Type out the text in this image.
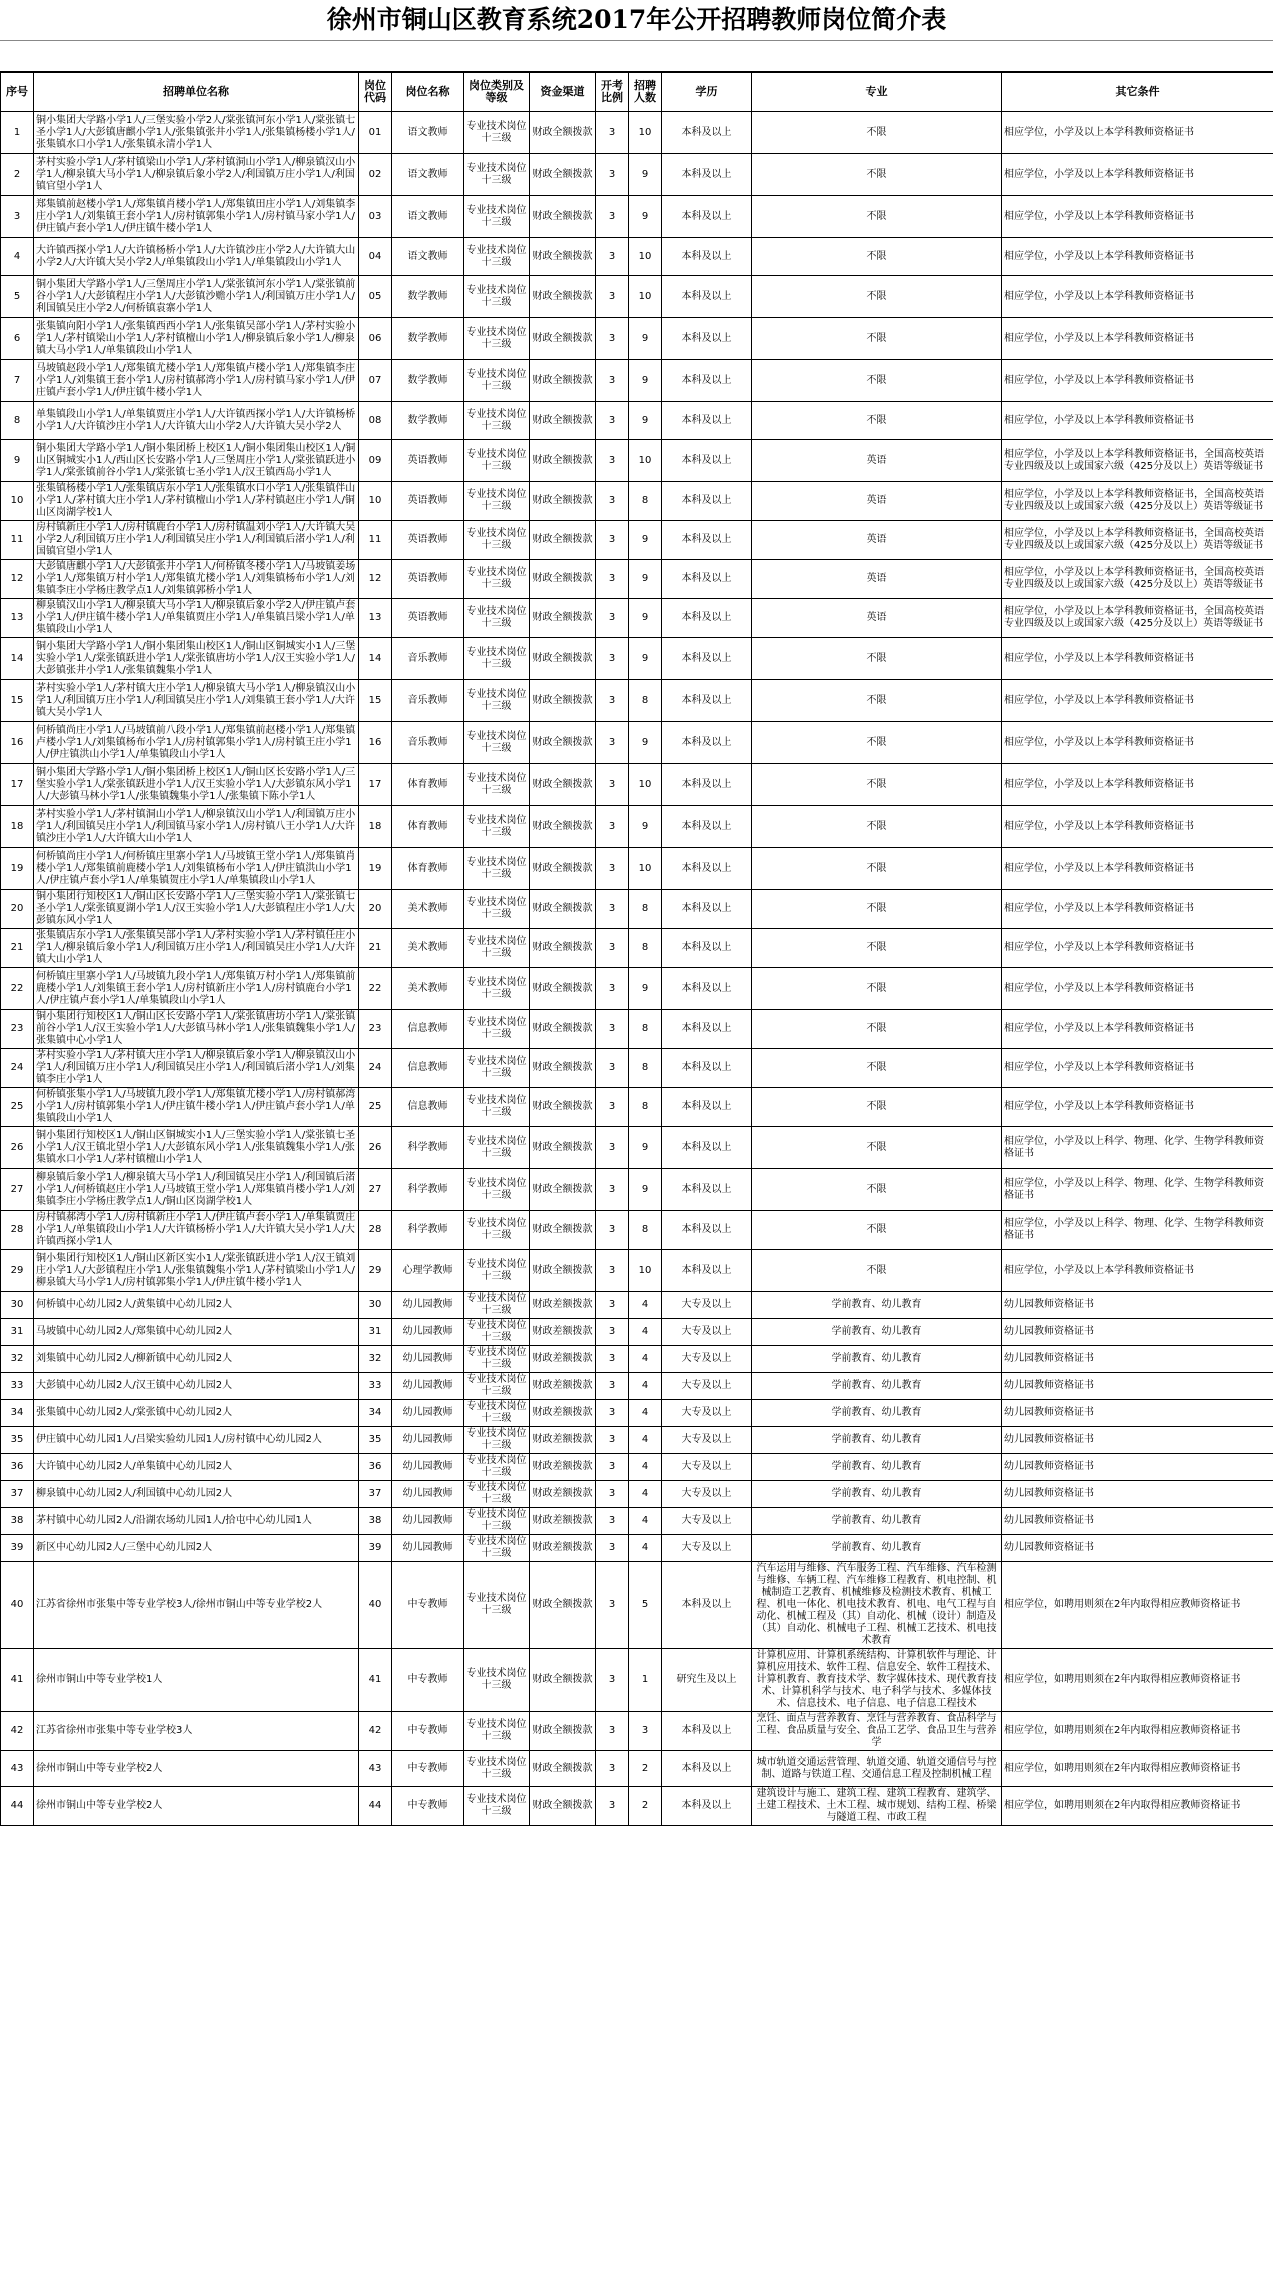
徐州市铜山区教育系统2017年公开招聘教师岗位简介表
序号	招聘单位名称	岗位代码	岗位名称	岗位类别及等级	资金渠道	开考比例	招聘人数	学历	专业	其它条件
1	铜小集团大学路小学1人/三堡实验小学2人/棠张镇河东小学1人/棠张镇七圣小学1人/大彭镇唐麒小学1人/张集镇张井小学1人/张集镇杨楼小学1人/张集镇水口小学1人/张集镇永清小学1人	01	语文教师	专业技术岗位十三级	财政全额拨款	3	10	本科及以上	不限	相应学位，小学及以上本学科教师资格证书
2	茅村实验小学1人/茅村镇梁山小学1人/茅村镇洞山小学1人/柳泉镇汉山小学1人/柳泉镇大马小学1人/柳泉镇后象小学2人/利国镇万庄小学1人/利国镇官望小学1人	02	语文教师	专业技术岗位十三级	财政全额拨款	3	9	本科及以上	不限	相应学位，小学及以上本学科教师资格证书
3	郑集镇前赵楼小学1人/郑集镇肖楼小学1人/郑集镇田庄小学1人/刘集镇李庄小学1人/刘集镇王套小学1人/房村镇郭集小学1人/房村镇马家小学1人/伊庄镇卢套小学1人/伊庄镇牛楼小学1人	03	语文教师	专业技术岗位十三级	财政全额拨款	3	9	本科及以上	不限	相应学位，小学及以上本学科教师资格证书
4	大许镇西探小学1人/大许镇杨桥小学1人/大许镇沙庄小学2人/大许镇大山小学2人/大许镇大吴小学2人/单集镇段山小学1人/单集镇段山小学1人	04	语文教师	专业技术岗位十三级	财政全额拨款	3	10	本科及以上	不限	相应学位，小学及以上本学科教师资格证书
5	铜小集团大学路小学1人/三堡周庄小学1人/棠张镇河东小学1人/棠张镇前谷小学1人/大彭镇程庄小学1人/大彭镇沙赡小学1人/利国镇万庄小学1人/利国镇吴庄小学2人/何桥镇袁寨小学1人	05	数学教师	专业技术岗位十三级	财政全额拨款	3	10	本科及以上	不限	相应学位，小学及以上本学科教师资格证书
6	张集镇向阳小学1人/张集镇西西小学1人/张集镇吴部小学1人/茅村实验小学1人/茅村镇梁山小学1人/茅村镇檀山小学1人/柳泉镇后象小学1人/柳泉镇大马小学1人/单集镇段山小学1人	06	数学教师	专业技术岗位十三级	财政全额拨款	3	9	本科及以上	不限	相应学位，小学及以上本学科教师资格证书
7	马坡镇赵段小学1人/郑集镇尤楼小学1人/郑集镇卢楼小学1人/郑集镇李庄小学1人/刘集镇王套小学1人/房村镇郝湾小学1人/房村镇马家小学1人/伊庄镇卢套小学1人/伊庄镇牛楼小学1人	07	数学教师	专业技术岗位十三级	财政全额拨款	3	9	本科及以上	不限	相应学位，小学及以上本学科教师资格证书
8	单集镇段山小学1人/单集镇贾庄小学1人/大许镇西探小学1人/大许镇杨桥小学1人/大许镇沙庄小学1人/大许镇大山小学2人/大许镇大吴小学2人	08	数学教师	专业技术岗位十三级	财政全额拨款	3	9	本科及以上	不限	相应学位，小学及以上本学科教师资格证书
9	铜小集团大学路小学1人/铜小集团桥上校区1人/铜小集团集山校区1人/铜山区铜城实小1人/西山区长安路小学1人/三堡周庄小学1人/棠张镇跃进小学1人/棠张镇前谷小学1人/棠张镇七圣小学1人/汉王镇西岛小学1人	09	英语教师	专业技术岗位十三级	财政全额拨款	3	10	本科及以上	英语	相应学位，小学及以上本学科教师资格证书，全国高校英语专业四级及以上或国家六级（425分及以上）英语等级证书
10	张集镇杨楼小学1人/张集镇店东小学1人/张集镇水口小学1人/张集镇伴山小学1人/茅村镇大庄小学1人/茅村镇檀山小学1人/茅村镇赵庄小学1人/铜山区岗湖学校1人	10	英语教师	专业技术岗位十三级	财政全额拨款	3	8	本科及以上	英语	相应学位，小学及以上本学科教师资格证书，全国高校英语专业四级及以上或国家六级（425分及以上）英语等级证书
11	房村镇新庄小学1人/房村镇鹿台小学1人/房村镇温刘小学1人/大许镇大吴小学2人/利国镇万庄小学1人/利国镇吴庄小学1人/利国镇后渚小学1人/利国镇官望小学1人	11	英语教师	专业技术岗位十三级	财政全额拨款	3	9	本科及以上	英语	相应学位，小学及以上本学科教师资格证书，全国高校英语专业四级及以上或国家六级（425分及以上）英语等级证书
12	大彭镇唐麒小学1人/大彭镇张井小学1人/何桥镇冬楼小学1人/马坡镇姜场小学1人/郑集镇万村小学1人/郑集镇尤楼小学1人/刘集镇杨布小学1人/刘集镇李庄小学杨庄教学点1人/刘集镇郭桥小学1人	12	英语教师	专业技术岗位十三级	财政全额拨款	3	9	本科及以上	英语	相应学位，小学及以上本学科教师资格证书，全国高校英语专业四级及以上或国家六级（425分及以上）英语等级证书
13	柳泉镇汉山小学1人/柳泉镇大马小学1人/柳泉镇后象小学2人/伊庄镇卢套小学1人/伊庄镇牛楼小学1人/单集镇贾庄小学1人/单集镇吕梁小学1人/单集镇段山小学1人	13	英语教师	专业技术岗位十三级	财政全额拨款	3	9	本科及以上	英语	相应学位，小学及以上本学科教师资格证书，全国高校英语专业四级及以上或国家六级（425分及以上）英语等级证书
14	铜小集团大学路小学1人/铜小集团集山校区1人/铜山区铜城实小1人/三堡实验小学1人/棠张镇跃进小学1人/棠张镇唐坊小学1人/汉王实验小学1人/大彭镇张井小学1人/张集镇魏集小学1人	14	音乐教师	专业技术岗位十三级	财政全额拨款	3	9	本科及以上	不限	相应学位，小学及以上本学科教师资格证书
15	茅村实验小学1人/茅村镇大庄小学1人/柳泉镇大马小学1人/柳泉镇汉山小学1人/利国镇万庄小学1人/利国镇吴庄小学1人/刘集镇王套小学1人/大许镇大吴小学1人	15	音乐教师	专业技术岗位十三级	财政全额拨款	3	8	本科及以上	不限	相应学位，小学及以上本学科教师资格证书
16	何桥镇尚庄小学1人/马坡镇前八段小学1人/郑集镇前赵楼小学1人/郑集镇卢楼小学1人/刘集镇杨布小学1人/房村镇郭集小学1人/房村镇王庄小学1人/伊庄镇洪山小学1人/单集镇段山小学1人	16	音乐教师	专业技术岗位十三级	财政全额拨款	3	9	本科及以上	不限	相应学位，小学及以上本学科教师资格证书
17	铜小集团大学路小学1人/铜小集团桥上校区1人/铜山区长安路小学1人/三堡实验小学1人/棠张镇跃进小学1人/汉王实验小学1人/大彭镇东风小学1人/大彭镇马林小学1人/张集镇魏集小学1人/张集镇下陈小学1人	17	体育教师	专业技术岗位十三级	财政全额拨款	3	10	本科及以上	不限	相应学位，小学及以上本学科教师资格证书
18	茅村实验小学1人/茅村镇洞山小学1人/柳泉镇汉山小学1人/利国镇万庄小学1人/利国镇吴庄小学1人/利国镇马家小学1人/房村镇八王小学1人/大许镇沙庄小学1人/大许镇大山小学1人	18	体育教师	专业技术岗位十三级	财政全额拨款	3	9	本科及以上	不限	相应学位，小学及以上本学科教师资格证书
19	何桥镇尚庄小学1人/何桥镇庄里寨小学1人/马坡镇王堂小学1人/郑集镇肖楼小学1人/郑集镇前鹿楼小学1人/刘集镇杨布小学1人/伊庄镇洪山小学1人/伊庄镇卢套小学1人/单集镇贺庄小学1人/单集镇段山小学1人	19	体育教师	专业技术岗位十三级	财政全额拨款	3	10	本科及以上	不限	相应学位，小学及以上本学科教师资格证书
20	铜小集团行知校区1人/铜山区长安路小学1人/三堡实验小学1人/棠张镇七圣小学1人/棠张镇夏湖小学1人/汉王实验小学1人/大彭镇程庄小学1人/大彭镇东风小学1人	20	美术教师	专业技术岗位十三级	财政全额拨款	3	8	本科及以上	不限	相应学位，小学及以上本学科教师资格证书
21	张集镇店东小学1人/张集镇吴部小学1人/茅村实验小学1人/茅村镇任庄小学1人/柳泉镇后象小学1人/利国镇万庄小学1人/利国镇吴庄小学1人/大许镇大山小学1人	21	美术教师	专业技术岗位十三级	财政全额拨款	3	8	本科及以上	不限	相应学位，小学及以上本学科教师资格证书
22	何桥镇庄里寨小学1人/马坡镇九段小学1人/郑集镇万村小学1人/郑集镇前鹿楼小学1人/刘集镇王套小学1人/房村镇新庄小学1人/房村镇鹿台小学1人/伊庄镇卢套小学1人/单集镇段山小学1人	22	美术教师	专业技术岗位十三级	财政全额拨款	3	9	本科及以上	不限	相应学位，小学及以上本学科教师资格证书
23	铜小集团行知校区1人/铜山区长安路小学1人/棠张镇唐坊小学1人/棠张镇前谷小学1人/汉王实验小学1人/大彭镇马林小学1人/张集镇魏集小学1人/张集镇中心小学1人	23	信息教师	专业技术岗位十三级	财政全额拨款	3	8	本科及以上	不限	相应学位，小学及以上本学科教师资格证书
24	茅村实验小学1人/茅村镇大庄小学1人/柳泉镇后象小学1人/柳泉镇汉山小学1人/利国镇万庄小学1人/利国镇吴庄小学1人/利国镇后渚小学1人/刘集镇李庄小学1人	24	信息教师	专业技术岗位十三级	财政全额拨款	3	8	本科及以上	不限	相应学位，小学及以上本学科教师资格证书
25	何桥镇张集小学1人/马坡镇九段小学1人/郑集镇尤楼小学1人/房村镇郝湾小学1人/房村镇郭集小学1人/伊庄镇牛楼小学1人/伊庄镇卢套小学1人/单集镇段山小学1人	25	信息教师	专业技术岗位十三级	财政全额拨款	3	8	本科及以上	不限	相应学位，小学及以上本学科教师资格证书
26	铜小集团行知校区1人/铜山区铜城实小1人/三堡实验小学1人/棠张镇七圣小学1人/汉王镇北望小学1人/大彭镇东风小学1人/张集镇魏集小学1人/张集镇水口小学1人/茅村镇檀山小学1人	26	科学教师	专业技术岗位十三级	财政全额拨款	3	9	本科及以上	不限	相应学位，小学及以上科学、物理、化学、生物学科教师资格证书
27	柳泉镇后象小学1人/柳泉镇大马小学1人/利国镇吴庄小学1人/利国镇后渚小学1人/何桥镇赵庄小学1人/马坡镇王堂小学1人/郑集镇肖楼小学1人/刘集镇李庄小学杨庄教学点1人/铜山区岗湖学校1人	27	科学教师	专业技术岗位十三级	财政全额拨款	3	9	本科及以上	不限	相应学位，小学及以上科学、物理、化学、生物学科教师资格证书
28	房村镇郝湾小学1人/房村镇新庄小学1人/伊庄镇卢套小学1人/单集镇贾庄小学1人/单集镇段山小学1人/大许镇杨桥小学1人/大许镇大吴小学1人/大许镇西探小学1人	28	科学教师	专业技术岗位十三级	财政全额拨款	3	8	本科及以上	不限	相应学位，小学及以上科学、物理、化学、生物学科教师资格证书
29	铜小集团行知校区1人/铜山区新区实小1人/棠张镇跃进小学1人/汉王镇刘庄小学1人/大彭镇程庄小学1人/张集镇魏集小学1人/茅村镇梁山小学1人/柳泉镇大马小学1人/房村镇郭集小学1人/伊庄镇牛楼小学1人	29	心理学教师	专业技术岗位十三级	财政全额拨款	3	10	本科及以上	不限	相应学位，小学及以上本学科教师资格证书
30	何桥镇中心幼儿园2人/黄集镇中心幼儿园2人	30	幼儿园教师	专业技术岗位十三级	财政差额拨款	3	4	大专及以上	学前教育、幼儿教育	幼儿园教师资格证书
31	马坡镇中心幼儿园2人/郑集镇中心幼儿园2人	31	幼儿园教师	专业技术岗位十三级	财政差额拨款	3	4	大专及以上	学前教育、幼儿教育	幼儿园教师资格证书
32	刘集镇中心幼儿园2人/柳新镇中心幼儿园2人	32	幼儿园教师	专业技术岗位十三级	财政差额拨款	3	4	大专及以上	学前教育、幼儿教育	幼儿园教师资格证书
33	大彭镇中心幼儿园2人/汉王镇中心幼儿园2人	33	幼儿园教师	专业技术岗位十三级	财政差额拨款	3	4	大专及以上	学前教育、幼儿教育	幼儿园教师资格证书
34	张集镇中心幼儿园2人/棠张镇中心幼儿园2人	34	幼儿园教师	专业技术岗位十三级	财政差额拨款	3	4	大专及以上	学前教育、幼儿教育	幼儿园教师资格证书
35	伊庄镇中心幼儿园1人/吕梁实验幼儿园1人/房村镇中心幼儿园2人	35	幼儿园教师	专业技术岗位十三级	财政差额拨款	3	4	大专及以上	学前教育、幼儿教育	幼儿园教师资格证书
36	大许镇中心幼儿园2人/单集镇中心幼儿园2人	36	幼儿园教师	专业技术岗位十三级	财政差额拨款	3	4	大专及以上	学前教育、幼儿教育	幼儿园教师资格证书
37	柳泉镇中心幼儿园2人/利国镇中心幼儿园2人	37	幼儿园教师	专业技术岗位十三级	财政差额拨款	3	4	大专及以上	学前教育、幼儿教育	幼儿园教师资格证书
38	茅村镇中心幼儿园2人/沿湖农场幼儿园1人/拾屯中心幼儿园1人	38	幼儿园教师	专业技术岗位十三级	财政差额拨款	3	4	大专及以上	学前教育、幼儿教育	幼儿园教师资格证书
39	新区中心幼儿园2人/三堡中心幼儿园2人	39	幼儿园教师	专业技术岗位十三级	财政差额拨款	3	4	大专及以上	学前教育、幼儿教育	幼儿园教师资格证书
40	江苏省徐州市张集中等专业学校3人/徐州市铜山中等专业学校2人	40	中专教师	专业技术岗位十三级	财政全额拨款	3	5	本科及以上	汽车运用与维修、汽车服务工程、汽车维修、汽车检测与维修、车辆工程、汽车维修工程教育、机电控制、机械制造工艺教育、机械维修及检测技术教育、机械工程、机电一体化、机电技术教育、机电、电气工程与自动化、机械工程及（其）自动化、机械（设计）制造及（其）自动化、机械电子工程、机械工艺技术、机电技术教育	相应学位，如聘用则须在2年内取得相应教师资格证书
41	徐州市铜山中等专业学校1人	41	中专教师	专业技术岗位十三级	财政全额拨款	3	1	研究生及以上	计算机应用、计算机系统结构、计算机软件与理论、计算机应用技术、软件工程、信息安全、软件工程技术、计算机教育、教育技术学、数字媒体技术、现代教育技术、计算机科学与技术、电子科学与技术、多媒体技术、信息技术、电子信息、电子信息工程技术	相应学位，如聘用则须在2年内取得相应教师资格证书
42	江苏省徐州市张集中等专业学校3人	42	中专教师	专业技术岗位十三级	财政全额拨款	3	3	本科及以上	烹饪、面点与营养教育、烹饪与营养教育、食品科学与工程、食品质量与安全、食品工艺学、食品卫生与营养学	相应学位，如聘用则须在2年内取得相应教师资格证书
43	徐州市铜山中等专业学校2人	43	中专教师	专业技术岗位十三级	财政全额拨款	3	2	本科及以上	城市轨道交通运营管理、轨道交通、轨道交通信号与控制、道路与铁道工程、交通信息工程及控制机械工程	相应学位，如聘用则须在2年内取得相应教师资格证书
44	徐州市铜山中等专业学校2人	44	中专教师	专业技术岗位十三级	财政全额拨款	3	2	本科及以上	建筑设计与施工、建筑工程、建筑工程教育、建筑学、土建工程技术、土木工程、城市规划、结构工程、桥梁与隧道工程、市政工程	相应学位，如聘用则须在2年内取得相应教师资格证书
